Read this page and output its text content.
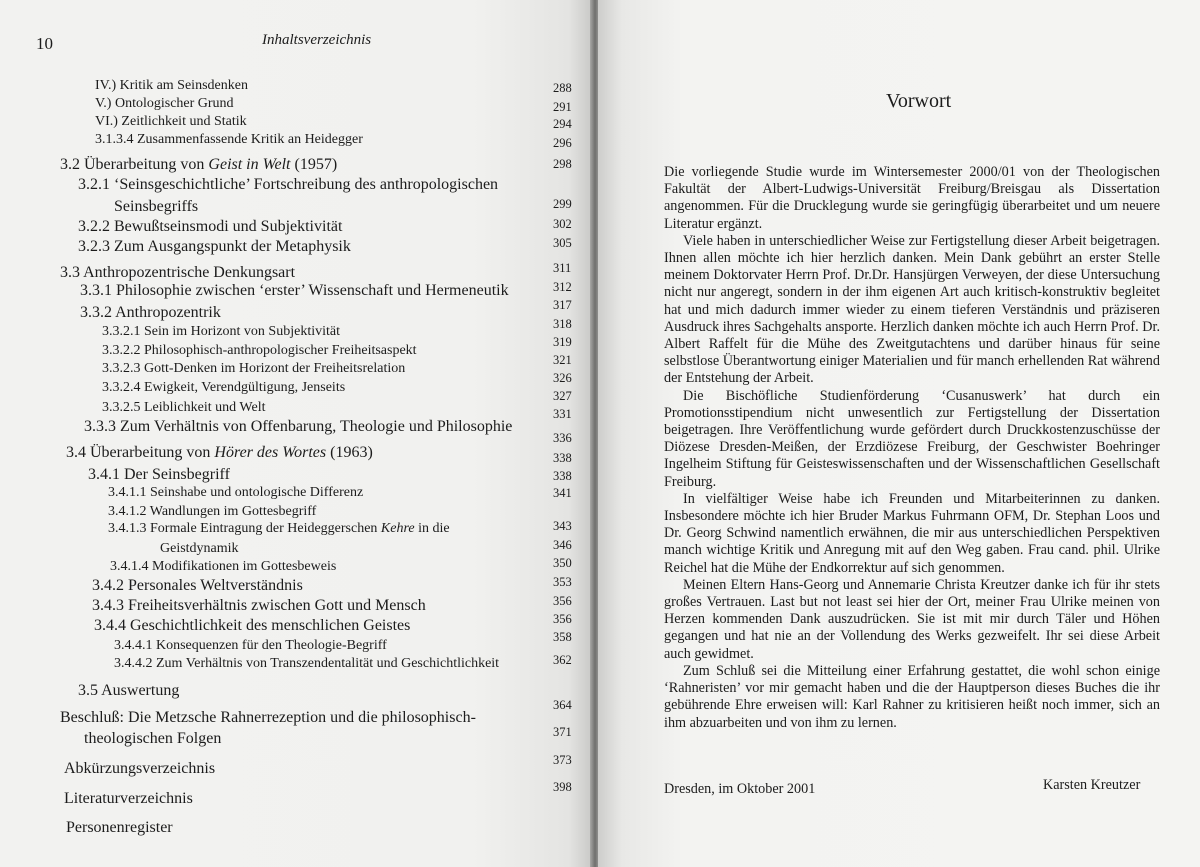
10	Inhaltsverzeichnis
IV.) Kritik am Seinsdenken
V.) Ontologischer Grund
VI.) Zeitlichkeit und Statik
3.1.3.4 Zusammenfassende Kritik an Heidegger
3.2 Überarbeitung von Geist in Welt (1957)
3.2.1 ‘Seinsgeschichtliche’ Fortschreibung des anthropologischen
Seinsbegriffs
3.2.2 Bewußtseinsmodi und Subjektivität
3.2.3 Zum Ausgangspunkt der Metaphysik
3.3 Anthropozentrische Denkungsart
3.3.1 Philosophie zwischen ‘erster’ Wissenschaft und Hermeneutik
3.3.2 Anthropozentrik
3.3.2.1 Sein im Horizont von Subjektivität
3.3.2.2 Philosophisch-anthropologischer Freiheitsaspekt
3.3.2.3 Gott-Denken im Horizont der Freiheitsrelation
3.3.2.4 Ewigkeit, Verendgültigung, Jenseits
3.3.2.5 Leiblichkeit und Welt
3.3.3 Zum Verhältnis von Offenbarung, Theologie und Philosophie
3.4 Überarbeitung von Hörer des Wortes (1963)
3.4.1 Der Seinsbegriff
3.4.1.1 Seinshabe und ontologische Differenz
3.4.1.2 Wandlungen im Gottesbegriff
3.4.1.3 Formale Eintragung der Heideggerschen Kehre in die
Geistdynamik
3.4.1.4 Modifikationen im Gottesbeweis
3.4.2 Personales Weltverständnis
3.4.3 Freiheitsverhältnis zwischen Gott und Mensch
3.4.4 Geschichtlichkeit des menschlichen Geistes
3.4.4.1 Konsequenzen für den Theologie-Begriff
3.4.4.2 Zum Verhältnis von Transzendentalität und Geschichtlichkeit
3.5 Auswertung
Beschluß: Die Metzsche Rahnerrezeption und die philosophisch-
theologischen Folgen
Abkürzungsverzeichnis
Literaturverzeichnis
Personenregister
288
291
294
296
298
299
302
305
311
312
317
318
319
321
326
327
331
336
338
338
341
343
346
350
353
356
356
358
362
364
371
373
398
Vorwort

Die vorliegende Studie wurde im Wintersemester 2000/01 von der Theologischen Fakultät der Albert-Ludwigs-Universität Freiburg/Breisgau als Dissertation angenommen. Für die Drucklegung wurde sie geringfügig überarbeitet und um neuere Literatur ergänzt.

Viele haben in unterschiedlicher Weise zur Fertigstellung dieser Arbeit beigetragen. Ihnen allen möchte ich hier herzlich danken. Mein Dank gebührt an erster Stelle meinem Doktorvater Herrn Prof. Dr.Dr. Hansjürgen Verweyen, der diese Untersuchung nicht nur angeregt, sondern in der ihm eigenen Art auch kritisch-konstruktiv begleitet hat und mich dadurch immer wieder zu einem tieferen Verständnis und präziseren Ausdruck ihres Sachgehalts ansporte. Herzlich danken möchte ich auch Herrn Prof. Dr. Albert Raffelt für die Mühe des Zweitgutachtens und darüber hinaus für seine selbstlose Überantwortung einiger Materialien und für manch erhellenden Rat während der Entstehung der Arbeit.

Die Bischöfliche Studienförderung ‘Cusanuswerk’ hat durch ein Promotionsstipendium nicht unwesentlich zur Fertigstellung der Dissertation beigetragen. Ihre Veröffentlichung wurde gefördert durch Druckkostenzuschüsse der Diözese Dresden-Meißen, der Erzdiözese Freiburg, der Geschwister Boehringer Ingelheim Stiftung für Geisteswissenschaften und der Wissenschaftlichen Gesellschaft Freiburg.

In vielfältiger Weise habe ich Freunden und Mitarbeiterinnen zu danken. Insbesondere möchte ich hier Bruder Markus Fuhrmann OFM, Dr. Stephan Loos und Dr. Georg Schwind namentlich erwähnen, die mir aus unterschiedlichen Perspektiven manch wichtige Kritik und Anregung mit auf den Weg gaben. Frau cand. phil. Ulrike Reichel hat die Mühe der Endkorrektur auf sich genommen.

Meinen Eltern Hans-Georg und Annemarie Christa Kreutzer danke ich für ihr stets großes Vertrauen. Last but not least sei hier der Ort, meiner Frau Ulrike meinen von Herzen kommenden Dank auszudrücken. Sie ist mit mir durch Täler und Höhen gegangen und hat nie an der Vollendung des Werks gezweifelt. Ihr sei diese Arbeit auch gewidmet.

Zum Schluß sei die Mitteilung einer Erfahrung gestattet, die wohl schon einige ‘Rahneristen’ vor mir gemacht haben und die der Hauptperson dieses Buches die ihr gebührende Ehre erweisen will: Karl Rahner zu kritisieren heißt noch immer, sich an ihm abzuarbeiten und von ihm zu lernen.

Dresden, im Oktober 2001	Karsten Kreutzer
